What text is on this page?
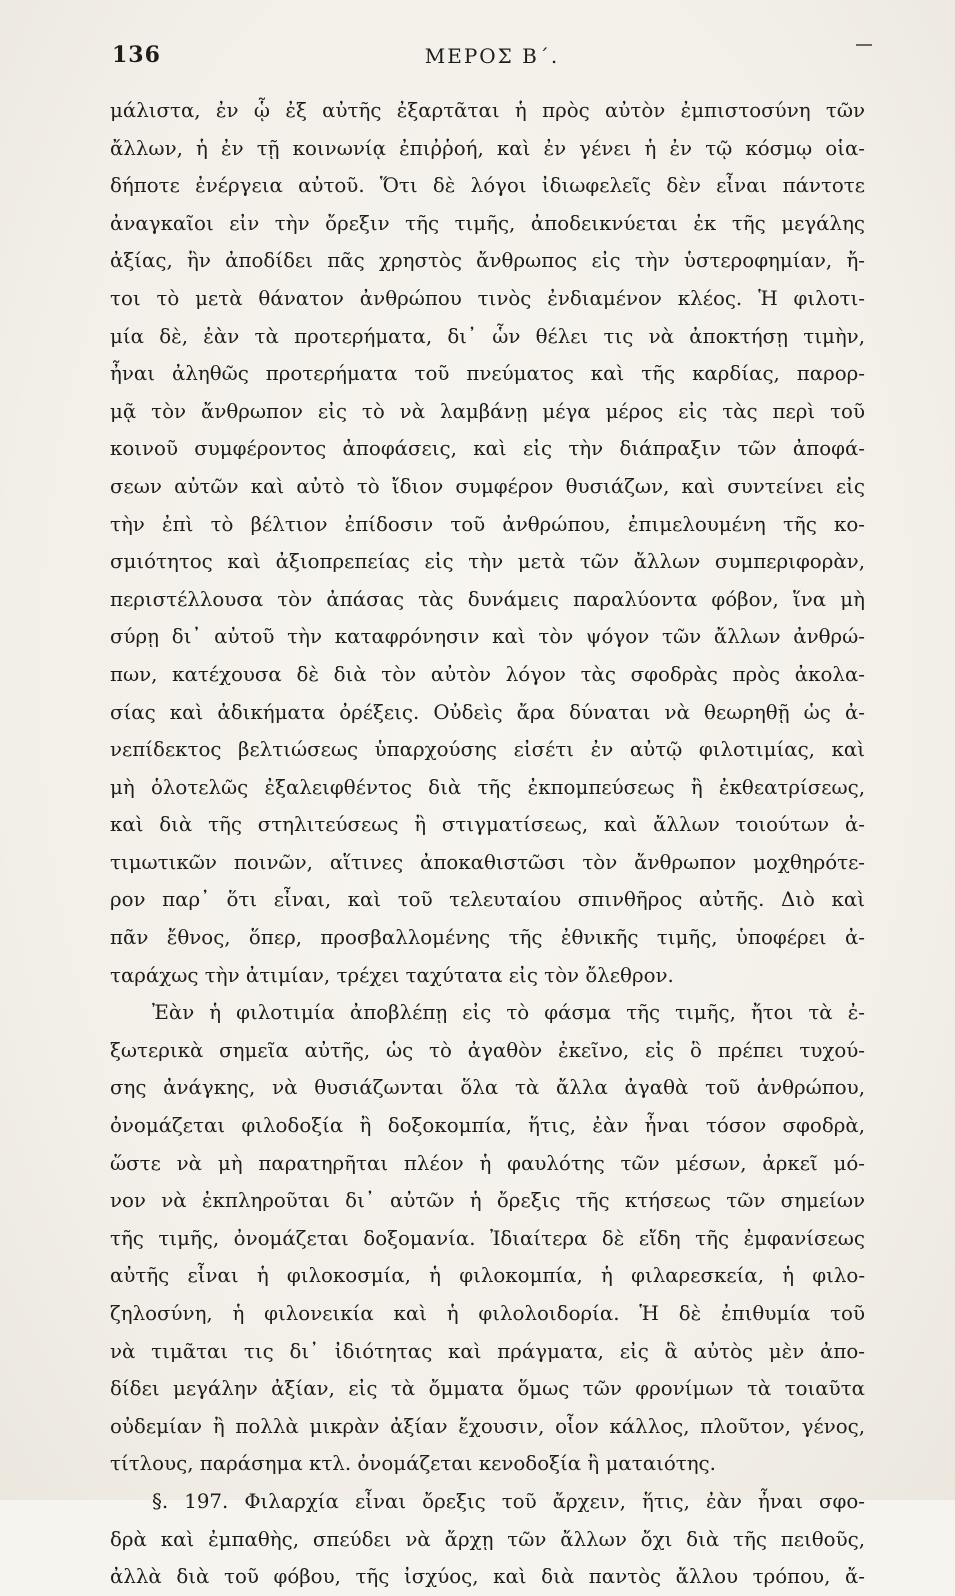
136	ΜΕΡΟΣ Β΄.
μάλιστα, ἐν ᾧ ἐξ αὐτῆς ἐξαρτᾶται ἡ πρὸς αὐτὸν ἐμπιστοσύνη τῶν
ἄλλων, ἡ ἐν τῇ κοινωνίᾳ ἐπιῤῥοή, καὶ ἐν γένει ἡ ἐν τῷ κόσμῳ οἱα-
δήποτε ἐνέργεια αὐτοῦ. Ὅτι δὲ λόγοι ἰδιωφελεῖς δὲν εἶναι πάντοτε
ἀναγκαῖοι εἰν τὴν ὄρεξιν τῆς τιμῆς, ἀποδεικνύεται ἐκ τῆς μεγάλης
ἀξίας, ἣν ἀποδίδει πᾶς χρηστὸς ἄνθρωπος εἰς τὴν ὑστεροφημίαν, ἤ-
τοι τὸ μετὰ θάνατον ἀνθρώπου τινὸς ἐνδιαμένον κλέος. Ἡ φιλοτι-
μία δὲ, ἐὰν τὰ προτερήματα, δι᾽ ὧν θέλει τις νὰ ἀποκτήσῃ τιμὴν,
ἦναι ἀληθῶς προτερήματα τοῦ πνεύματος καὶ τῆς καρδίας, παρορ-
μᾷ τὸν ἄνθρωπον εἰς τὸ νὰ λαμβάνῃ μέγα μέρος εἰς τὰς περὶ τοῦ
κοινοῦ συμφέροντος ἀποφάσεις, καὶ εἰς τὴν διάπραξιν τῶν ἀποφά-
σεων αὐτῶν καὶ αὐτὸ τὸ ἴδιον συμφέρον θυσιάζων, καὶ συντείνει εἰς
τὴν ἐπὶ τὸ βέλτιον ἐπίδοσιν τοῦ ἀνθρώπου, ἐπιμελουμένη τῆς κο-
σμιότητος καὶ ἀξιοπρεπείας εἰς τὴν μετὰ τῶν ἄλλων συμπεριφορὰν,
περιστέλλουσα τὸν ἀπάσας τὰς δυνάμεις παραλύοντα φόβον, ἵνα μὴ
σύρῃ δι᾽ αὐτοῦ τὴν καταφρόνησιν καὶ τὸν ψόγον τῶν ἄλλων ἀνθρώ-
πων, κατέχουσα δὲ διὰ τὸν αὐτὸν λόγον τὰς σφοδρὰς πρὸς ἀκολα-
σίας καὶ ἀδικήματα ὀρέξεις. Οὐδεὶς ἄρα δύναται νὰ θεωρηθῇ ὡς ἀ-
νεπίδεκτος βελτιώσεως ὑπαρχούσης εἰσέτι ἐν αὐτῷ φιλοτιμίας, καὶ
μὴ ὁλοτελῶς ἐξαλειφθέντος διὰ τῆς ἐκπομπεύσεως ἢ ἐκθεατρίσεως,
καὶ διὰ τῆς στηλιτεύσεως ἢ στιγματίσεως, καὶ ἄλλων τοιούτων ἀ-
τιμωτικῶν ποινῶν, αἵτινες ἀποκαθιστῶσι τὸν ἄνθρωπον μοχθηρότε-
ρον παρ᾽ ὅτι εἶναι, καὶ τοῦ τελευταίου σπινθῆρος αὐτῆς. Διὸ καὶ
πᾶν ἔθνος, ὅπερ, προσβαλλομένης τῆς ἐθνικῆς τιμῆς, ὑποφέρει ἀ-
ταράχως τὴν ἀτιμίαν, τρέχει ταχύτατα εἰς τὸν ὄλεθρον.
Ἐὰν ἡ φιλοτιμία ἀποβλέπῃ εἰς τὸ φάσμα τῆς τιμῆς, ἤτοι τὰ ἐ-
ξωτερικὰ σημεῖα αὐτῆς, ὡς τὸ ἀγαθὸν ἐκεῖνο, εἰς ὃ πρέπει τυχού-
σης ἀνάγκης, νὰ θυσιάζωνται ὅλα τὰ ἄλλα ἀγαθὰ τοῦ ἀνθρώπου,
ὀνομάζεται φιλοδοξία ἢ δοξοκομπία, ἥτις, ἐὰν ἦναι τόσον σφοδρὰ,
ὥστε νὰ μὴ παρατηρῆται πλέον ἡ φαυλότης τῶν μέσων, ἀρκεῖ μό-
νον νὰ ἐκπληροῦται δι᾽ αὐτῶν ἡ ὄρεξις τῆς κτήσεως τῶν σημείων
τῆς τιμῆς, ὀνομάζεται δοξομανία. Ἰδιαίτερα δὲ εἴδη τῆς ἐμφανίσεως
αὐτῆς εἶναι ἡ φιλοκοσμία, ἡ φιλοκομπία, ἡ φιλαρεσκεία, ἡ φιλο-
ζηλοσύνη, ἡ φιλονεικία καὶ ἡ φιλολοιδορία. Ἡ δὲ ἐπιθυμία τοῦ
νὰ τιμᾶται τις δι᾽ ἰδιότητας καὶ πράγματα, εἰς ἃ αὐτὸς μὲν ἀπο-
δίδει μεγάλην ἀξίαν, εἰς τὰ ὄμματα ὅμως τῶν φρονίμων τὰ τοιαῦτα
οὐδεμίαν ἢ πολλὰ μικρὰν ἀξίαν ἔχουσιν, οἷον κάλλος, πλοῦτον, γένος,
τίτλους, παράσημα κτλ. ὀνομάζεται κενοδοξία ἢ ματαιότης.
§. 197. Φιλαρχία εἶναι ὄρεξις τοῦ ἄρχειν, ἥτις, ἐὰν ἦναι σφο-
δρὰ καὶ ἐμπαθὴς, σπεύδει νὰ ἄρχῃ τῶν ἄλλων ὄχι διὰ τῆς πειθοῦς,
ἀλλὰ διὰ τοῦ φόβου, τῆς ἰσχύος, καὶ διὰ παντὸς ἄλλου τρόπου, ἄ-
